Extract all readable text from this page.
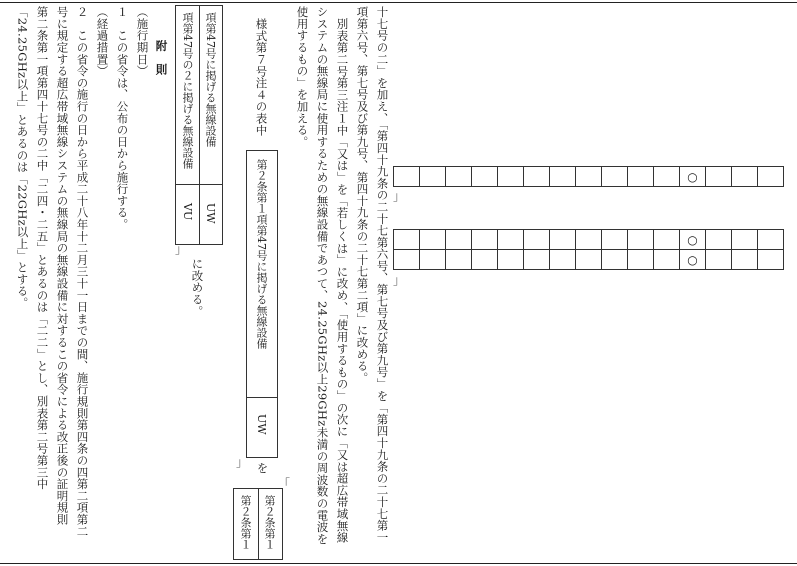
十七号の二」を加え、「第四十九条の二十七第六号、第七号及び第九号」を「第四十九条の二十七第一
項第六号、第七号及び第九号、第四十九条の二十七第二項」に改める。
別表第二号第三注１中「又は」を「若しくは」に改め、「使用するもの」の次に「又は超広帯域無線
システムの無線局に使用するための無線設備であつて、24.25GHz以上29GHz未満の周波数の電波を
使用するもの」を加える。
様式第７号注４の表中
											○			
」
											○			
											○			
」
第２条第１項第47号に掲げる無線設備
UW
」 を
第２条第１
第２条第１
「
項第47号に掲げる無線設備
UW
項第47号の２に掲げる無線設備
VU
」
に改める。
附　則
（施行期日）
１　この省令は、公布の日から施行する。
（経過措置）
２　この省令の施行の日から平成二十八年十二月三十一日までの間、施行規則第四条の四第二項第二
号に規定する超広帯域無線システムの無線局の無線設備に対するこの省令による改正後の証明規則
第二条第一項第四十七号の二中「二四・二五」とあるのは「二二」とし、別表第二号第三中
「24.25GHz以上」とあるのは「22GHz以上」とする。
